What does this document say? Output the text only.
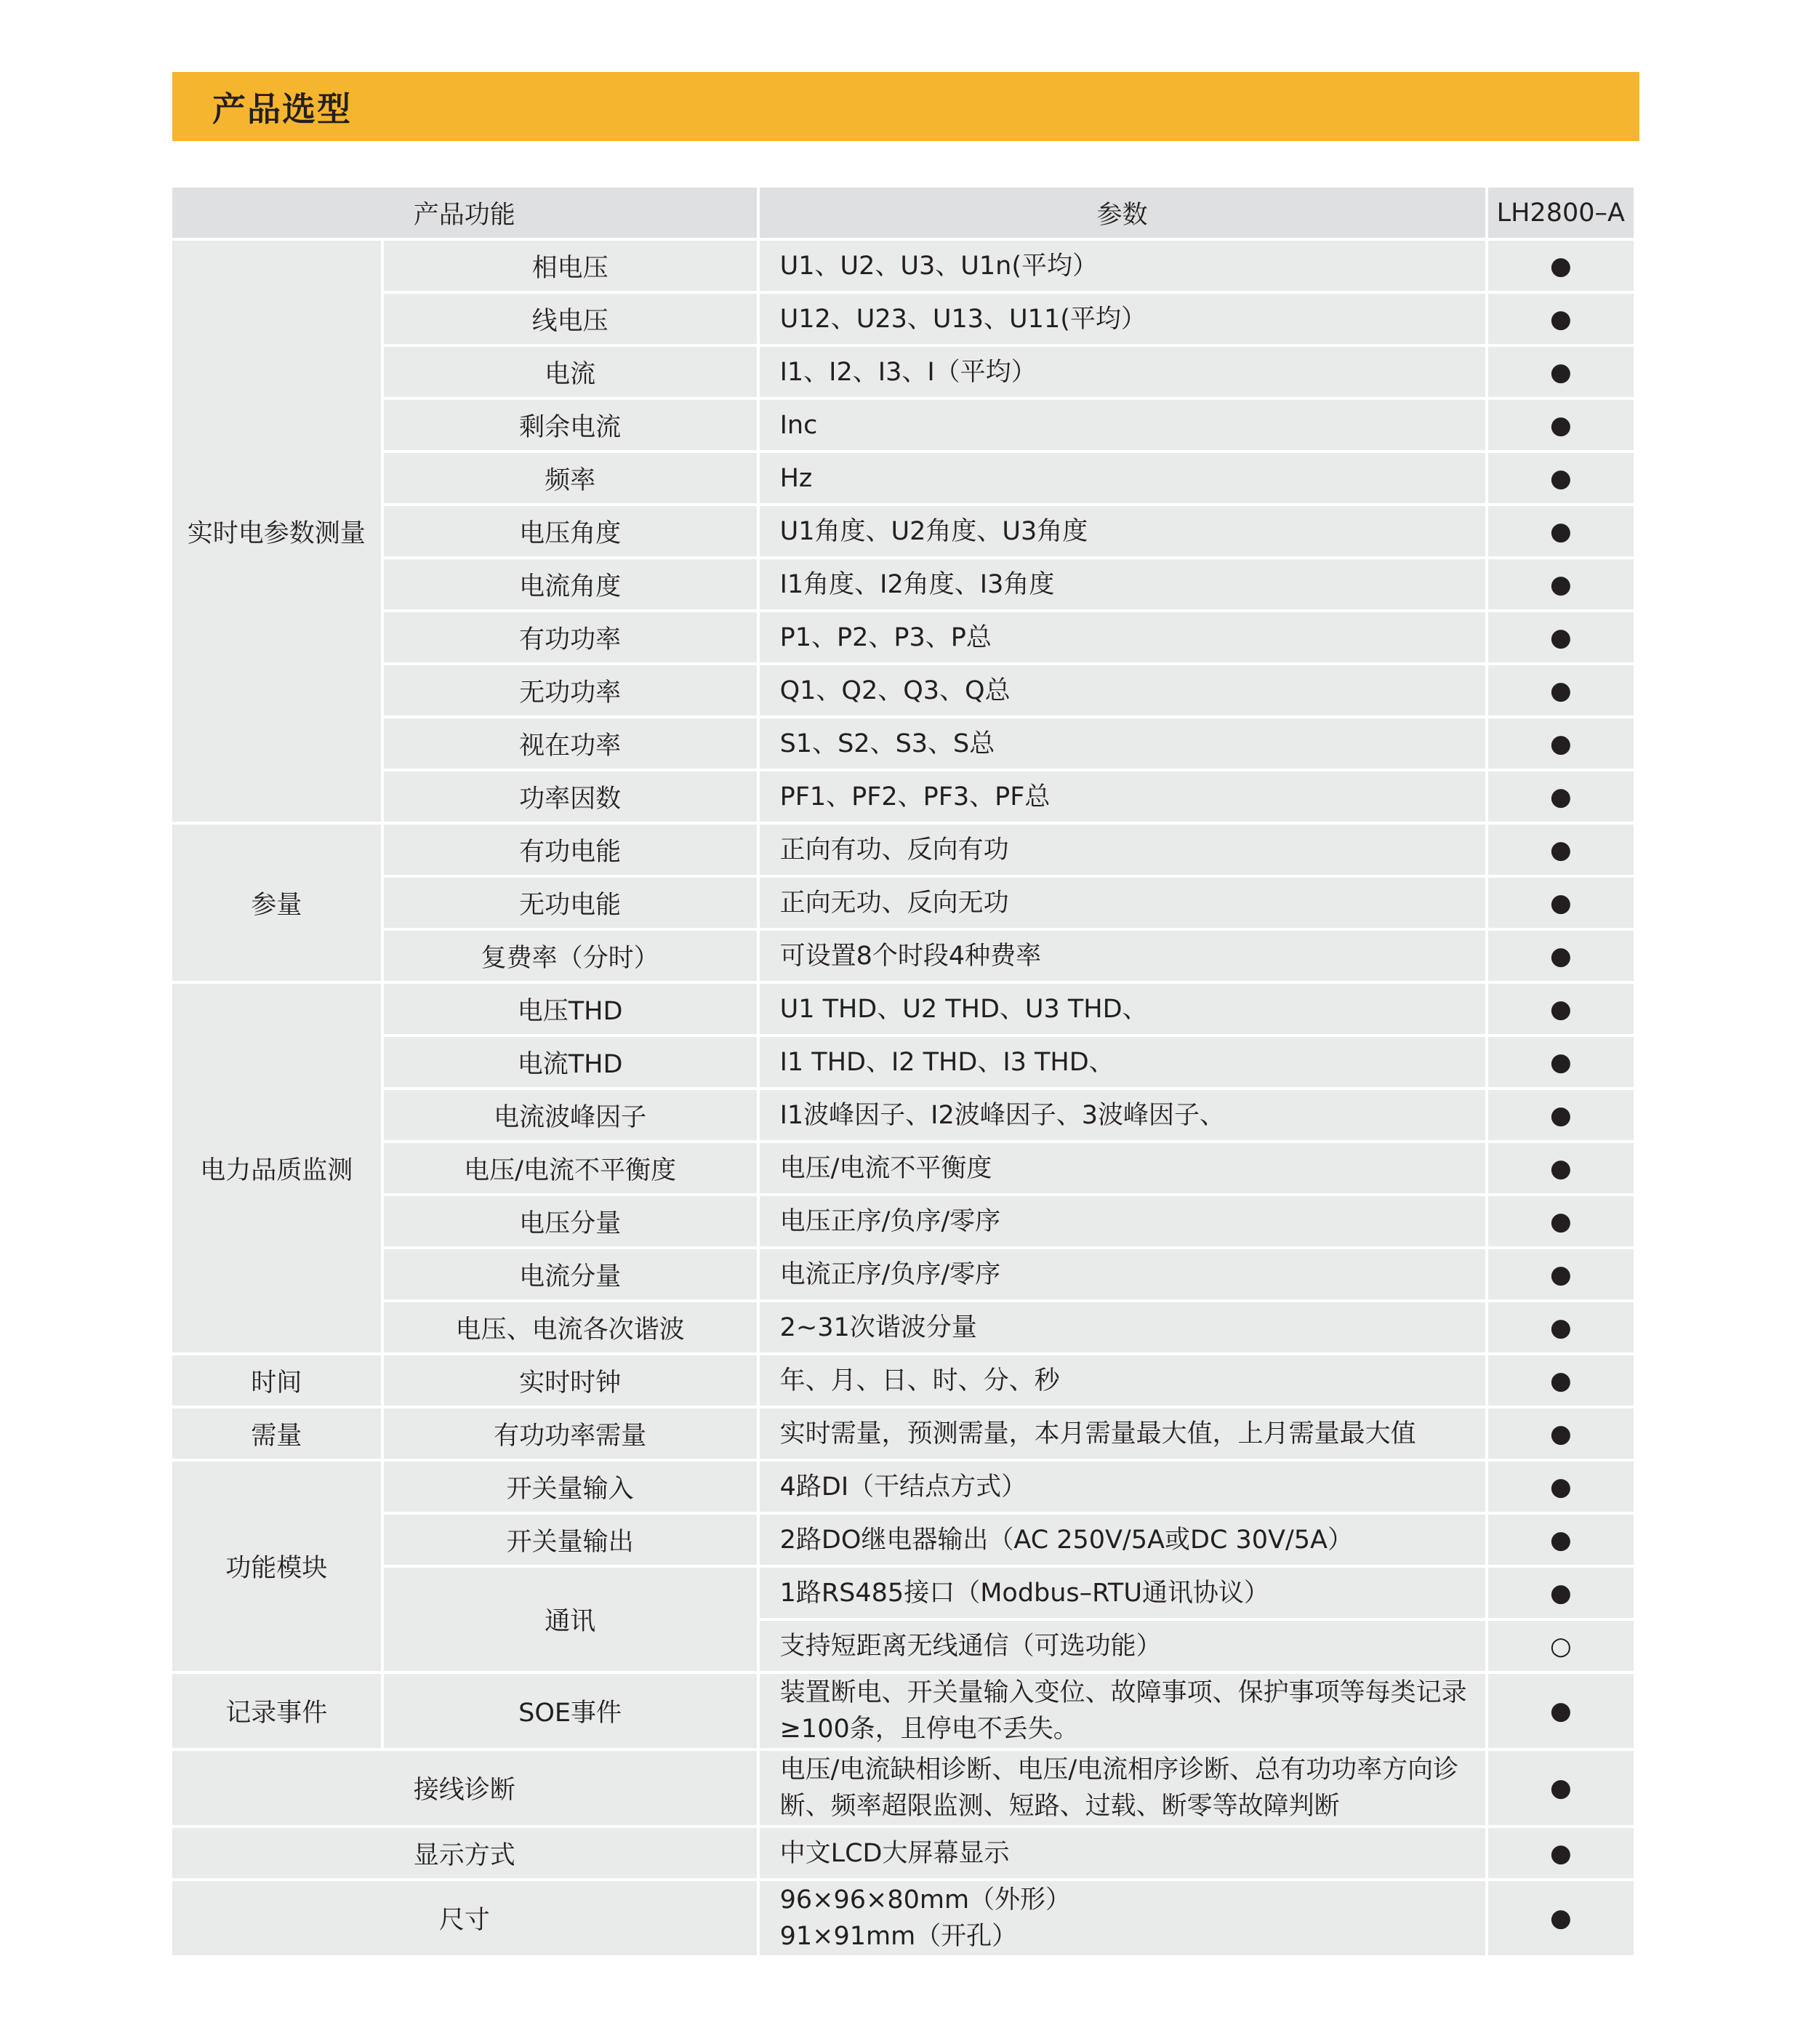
产品选型
产品功能		参数	LH2800–A
实时电参数测量	相电压	U1、U2、U3、U1n(平均）	●
	线电压	U12、U23、U13、U11(平均）	●
	电流	I1、I2、I3、I（平均）	●
	剩余电流	Inc	●
	频率	Hz	●
	电压角度	U1角度、U2角度、U3角度	●
	电流角度	I1角度、I2角度、I3角度	●
	有功功率	P1、P2、P3、P总	●
	无功功率	Q1、Q2、Q3、Q总	●
	视在功率	S1、S2、S3、S总	●
	功率因数	PF1、PF2、PF3、PF总	●
参量	有功电能	正向有功、反向有功	●
	无功电能	正向无功、反向无功	●
	复费率（分时）	可设置8个时段4种费率	●
电力品质监测	电压THD	U1 THD、U2 THD、U3 THD、	●
	电流THD	I1 THD、I2 THD、I3 THD、	●
	电流波峰因子	I1波峰因子、I2波峰因子、3波峰因子、	●
	电压/电流不平衡度	电压/电流不平衡度	●
	电压分量	电压正序/负序/零序	●
	电流分量	电流正序/负序/零序	●
	电压、电流各次谐波	2~31次谐波分量	●
时间	实时时钟	年、月、日、时、分、秒	●
需量	有功功率需量	实时需量，预测需量，本月需量最大值，上月需量最大值	●
功能模块	开关量输入	4路DI（干结点方式）	●
	开关量输出	2路DO继电器输出（AC 250V/5A或DC 30V/5A）	●
	通讯	1路RS485接口（Modbus–RTU通讯协议）	●
		支持短距离无线通信（可选功能）	○
记录事件	SOE事件	装置断电、开关量输入变位、故障事项、保护事项等每类记录≥100条，且停电不丢失。	●
接线诊断		电压/电流缺相诊断、电压/电流相序诊断、总有功功率方向诊断、频率超限监测、短路、过载、断零等故障判断	●
显示方式		中文LCD大屏幕显示	●
尺寸		96×96×80mm（外形）
91×91mm（开孔）	●
